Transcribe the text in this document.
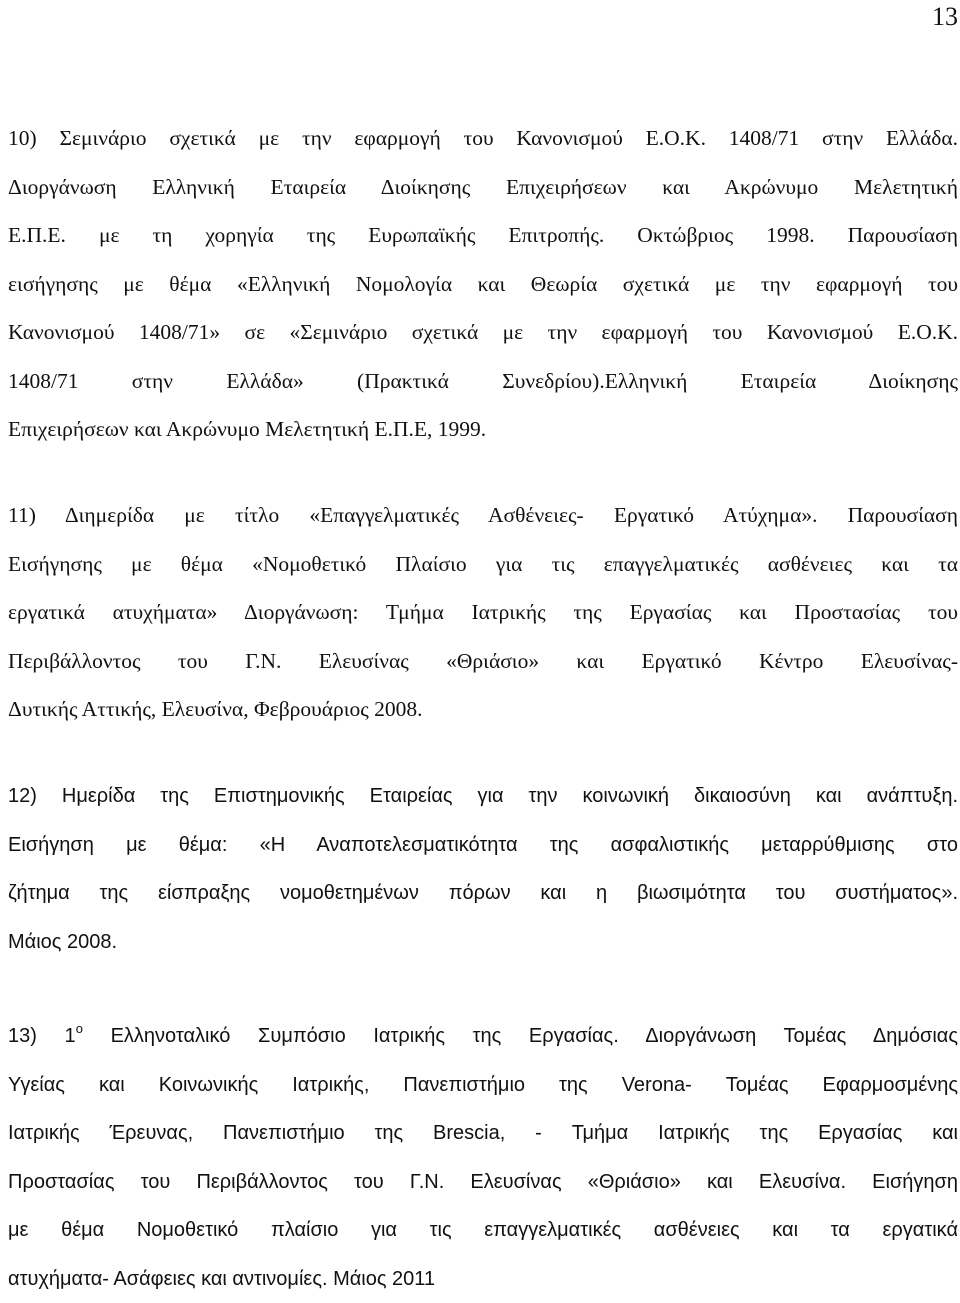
13
10) Σεμινάριο σχετικά με την εφαρμογή του Κανονισμού Ε.Ο.Κ. 1408/71 στην Ελλάδα.
Διοργάνωση Ελληνική Εταιρεία Διοίκησης Επιχειρήσεων και Ακρώνυμο Μελετητική
Ε.Π.Ε. με τη χορηγία της Ευρωπαϊκής Επιτροπής. Οκτώβριος 1998. Παρουσίαση
εισήγησης με θέμα «Ελληνική Νομολογία και Θεωρία σχετικά με την εφαρμογή του
Κανονισμού 1408/71» σε «Σεμινάριο σχετικά με την εφαρμογή του Κανονισμού Ε.Ο.Κ.
1408/71 στην Ελλάδα» (Πρακτικά Συνεδρίου).Ελληνική Εταιρεία Διοίκησης
Επιχειρήσεων και Ακρώνυμο Μελετητική Ε.Π.Ε, 1999.
11) Διημερίδα με τίτλο «Επαγγελματικές Ασθένειες- Εργατικό Ατύχημα». Παρουσίαση
Εισήγησης με θέμα «Νομοθετικό Πλαίσιο για τις επαγγελματικές ασθένειες και τα
εργατικά ατυχήματα» Διοργάνωση: Τμήμα Ιατρικής της Εργασίας και Προστασίας του
Περιβάλλοντος του Γ.Ν. Ελευσίνας «Θριάσιο» και Εργατικό Κέντρο Ελευσίνας-
Δυτικής Αττικής, Ελευσίνα, Φεβρουάριος 2008.
12) Ημερίδα της Επιστημονικής Εταιρείας για την κοινωνική δικαιοσύνη και ανάπτυξη.
Εισήγηση με θέμα: «Η Αναποτελεσματικότητα της ασφαλιστικής μεταρρύθμισης στο
ζήτημα της είσπραξης νομοθετημένων πόρων και η βιωσιμότητα του συστήματος».
Μάιος 2008.
13) $1^o$ Ελληνοταλικό Συμπόσιο Ιατρικής της Εργασίας. Διοργάνωση Τομέας Δημόσιας
Υγείας και Κοινωνικής Ιατρικής, Πανεπιστήμιο της Verona- Τομέας Εφαρμοσμένης
Ιατρικής Έρευνας, Πανεπιστήμιο της Brescia, - Τμήμα Ιατρικής της Εργασίας και
Προστασίας του Περιβάλλοντος του Γ.Ν. Ελευσίνας «Θριάσιο» και Ελευσίνα. Εισήγηση
με θέμα Νομοθετικό πλαίσιο για τις επαγγελματικές ασθένειες και τα εργατικά
ατυχήματα- Ασάφειες και αντινομίες. Μάιος 2011
